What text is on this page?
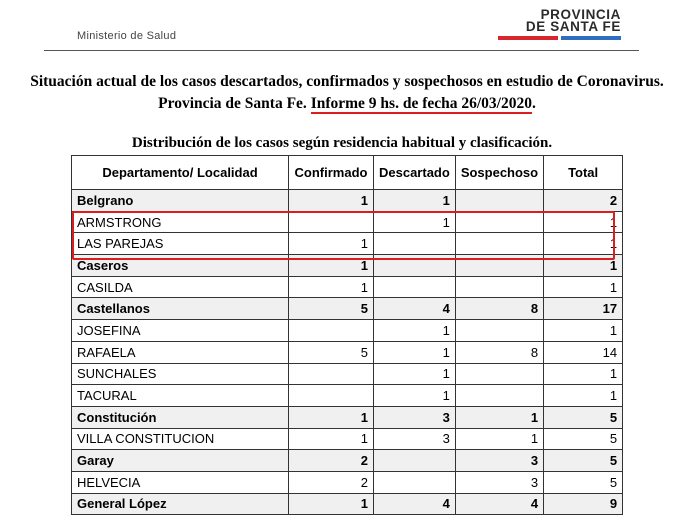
Ministerio de Salud
PROVINCIA
DE SANTA FE
Situación actual de los casos descartados, confirmados y sospechosos en estudio de Coronavirus.
Provincia de Santa Fe. Informe 9 hs. de fecha 26/03/2020.
Distribución de los casos según residencia habitual y clasificación.
Departamento/ Localidad	Confirmado	Descartado	Sospechoso	Total
Belgrano	1	1		2
ARMSTRONG		1		1
LAS PAREJAS	1			1
Caseros	1			1
CASILDA	1			1
Castellanos	5	4	8	17
JOSEFINA		1		1
RAFAELA	5	1	8	14
SUNCHALES		1		1
TACURAL		1		1
Constitución	1	3	1	5
VILLA CONSTITUCION	1	3	1	5
Garay	2		3	5
HELVECIA	2		3	5
General López	1	4	4	9
